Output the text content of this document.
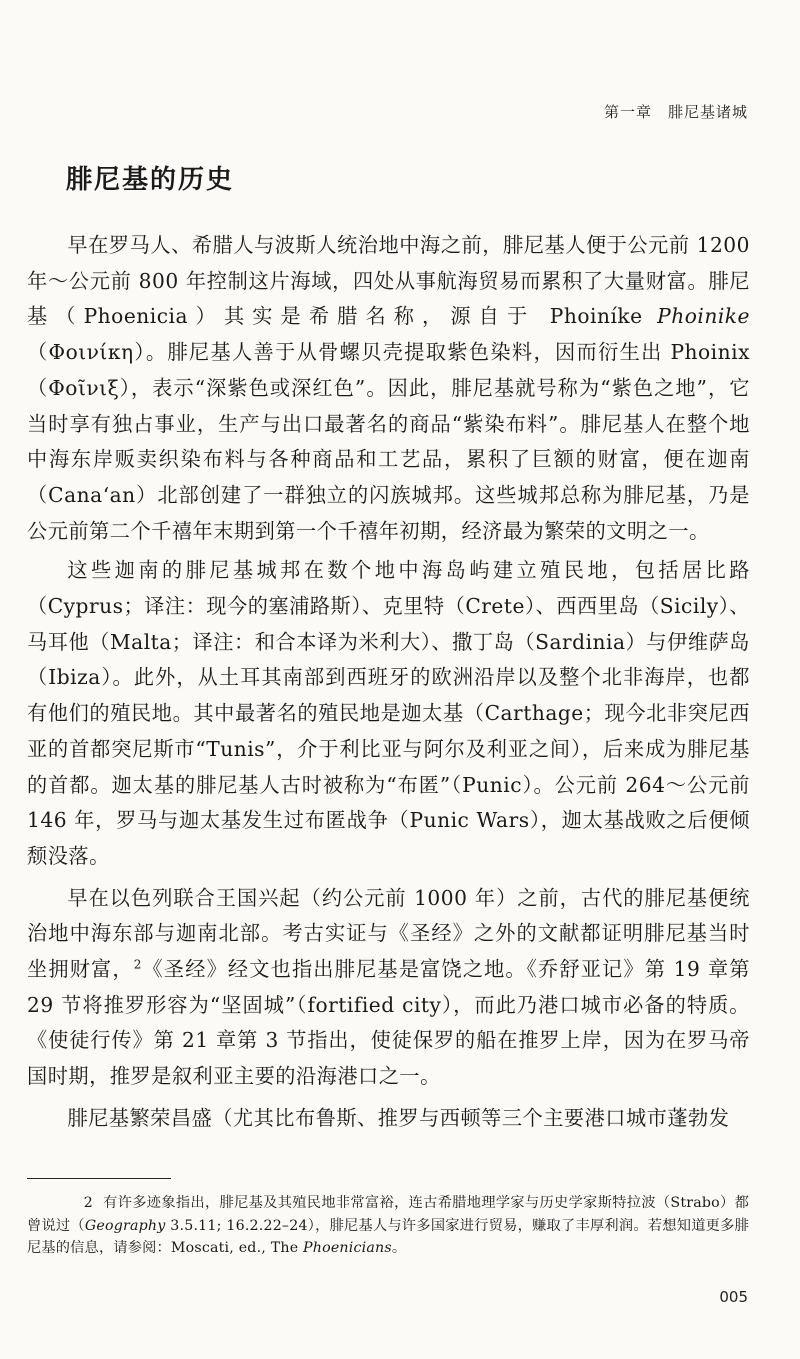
第一章　腓尼基诸城
腓尼基的历史

早在罗马人、希腊人与波斯人统治地中海之前，腓尼基人便于公元前 1200 年～公元前 800 年控制这片海域，四处从事航海贸易而累积了大量财富。腓尼基（Phoenicia）其实是希腊名称，源自于 Phoiníke Phoinike（Φοινίκη）。腓尼基人善于从骨螺贝壳提取紫色染料，因而衍生出 Phoinix（Φοῖνιξ），表示“深紫色或深红色”。因此，腓尼基就号称为“紫色之地”，它当时享有独占事业，生产与出口最著名的商品“紫染布料”。腓尼基人在整个地中海东岸贩卖织染布料与各种商品和工艺品，累积了巨额的财富，便在迦南（Cana‘an）北部创建了一群独立的闪族城邦。这些城邦总称为腓尼基，乃是公元前第二个千禧年末期到第一个千禧年初期，经济最为繁荣的文明之一。

这些迦南的腓尼基城邦在数个地中海岛屿建立殖民地，包括居比路（Cyprus；译注：现今的塞浦路斯）、克里特（Crete）、西西里岛（Sicily）、马耳他（Malta；译注：和合本译为米利大）、撒丁岛（Sardinia）与伊维萨岛（Ibiza）。此外，从土耳其南部到西班牙的欧洲沿岸以及整个北非海岸，也都有他们的殖民地。其中最著名的殖民地是迦太基（Carthage；现今北非突尼西亚的首都突尼斯市“Tunis”，介于利比亚与阿尔及利亚之间），后来成为腓尼基的首都。迦太基的腓尼基人古时被称为“布匿”（Punic）。公元前 264～公元前 146 年，罗马与迦太基发生过布匿战争（Punic Wars），迦太基战败之后便倾颓没落。

早在以色列联合王国兴起（约公元前 1000 年）之前，古代的腓尼基便统治地中海东部与迦南北部。考古实证与《圣经》之外的文献都证明腓尼基当时坐拥财富，$^2$《圣经》经文也指出腓尼基是富饶之地。《乔舒亚记》第 19 章第 29 节将推罗形容为“坚固城”（fortified city），而此乃港口城市必备的特质。《使徒行传》第 21 章第 3 节指出，使徒保罗的船在推罗上岸，因为在罗马帝国时期，推罗是叙利亚主要的沿海港口之一。

腓尼基繁荣昌盛（尤其比布鲁斯、推罗与西顿等三个主要港口城市蓬勃发

2 有许多迹象指出，腓尼基及其殖民地非常富裕，连古希腊地理学家与历史学家斯特拉波（Strabo）都曾说过（Geography 3.5.11; 16.2.22–24），腓尼基人与许多国家进行贸易，赚取了丰厚利润。若想知道更多腓尼基的信息，请参阅：Moscati, ed., The Phoenicians。

005
